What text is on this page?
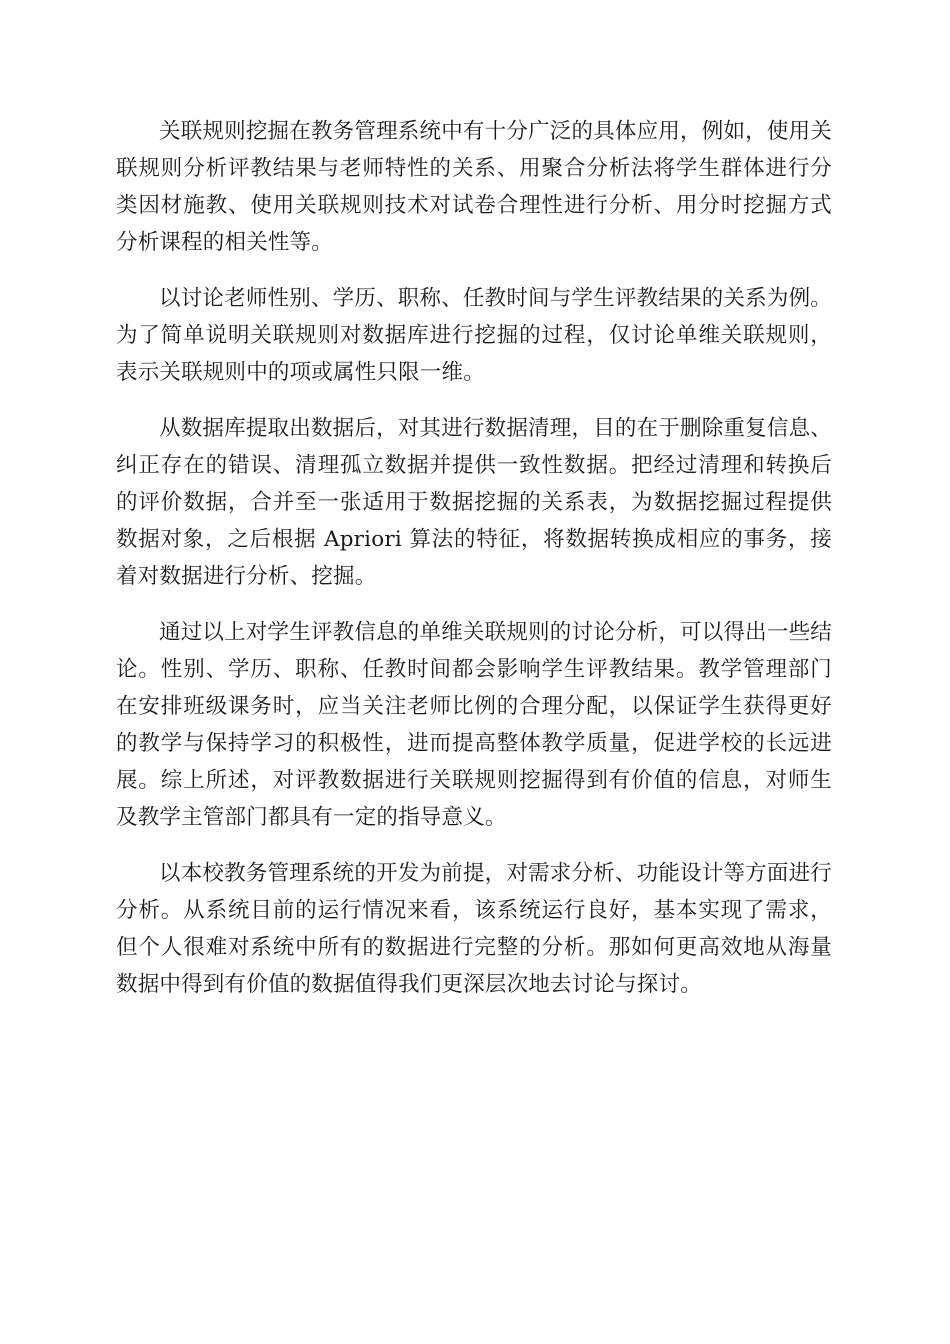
关联规则挖掘在教务管理系统中有十分广泛的具体应用，例如，使用关联规则分析评教结果与老师特性的关系、用聚合分析法将学生群体进行分类因材施教、使用关联规则技术对试卷合理性进行分析、用分时挖掘方式分析课程的相关性等。

以讨论老师性别、学历、职称、任教时间与学生评教结果的关系为例。为了简单说明关联规则对数据库进行挖掘的过程，仅讨论单维关联规则，表示关联规则中的项或属性只限一维。

从数据库提取出数据后，对其进行数据清理，目的在于删除重复信息、纠正存在的错误、清理孤立数据并提供一致性数据。把经过清理和转换后的评价数据，合并至一张适用于数据挖掘的关系表，为数据挖掘过程提供数据对象，之后根据 Apriori 算法的特征，将数据转换成相应的事务，接着对数据进行分析、挖掘。

通过以上对学生评教信息的单维关联规则的讨论分析，可以得出一些结论。性别、学历、职称、任教时间都会影响学生评教结果。教学管理部门在安排班级课务时，应当关注老师比例的合理分配，以保证学生获得更好的教学与保持学习的积极性，进而提高整体教学质量，促进学校的长远进展。综上所述，对评教数据进行关联规则挖掘得到有价值的信息，对师生及教学主管部门都具有一定的指导意义。

以本校教务管理系统的开发为前提，对需求分析、功能设计等方面进行分析。从系统目前的运行情况来看，该系统运行良好，基本实现了需求，但个人很难对系统中所有的数据进行完整的分析。那如何更高效地从海量数据中得到有价值的数据值得我们更深层次地去讨论与探讨。
